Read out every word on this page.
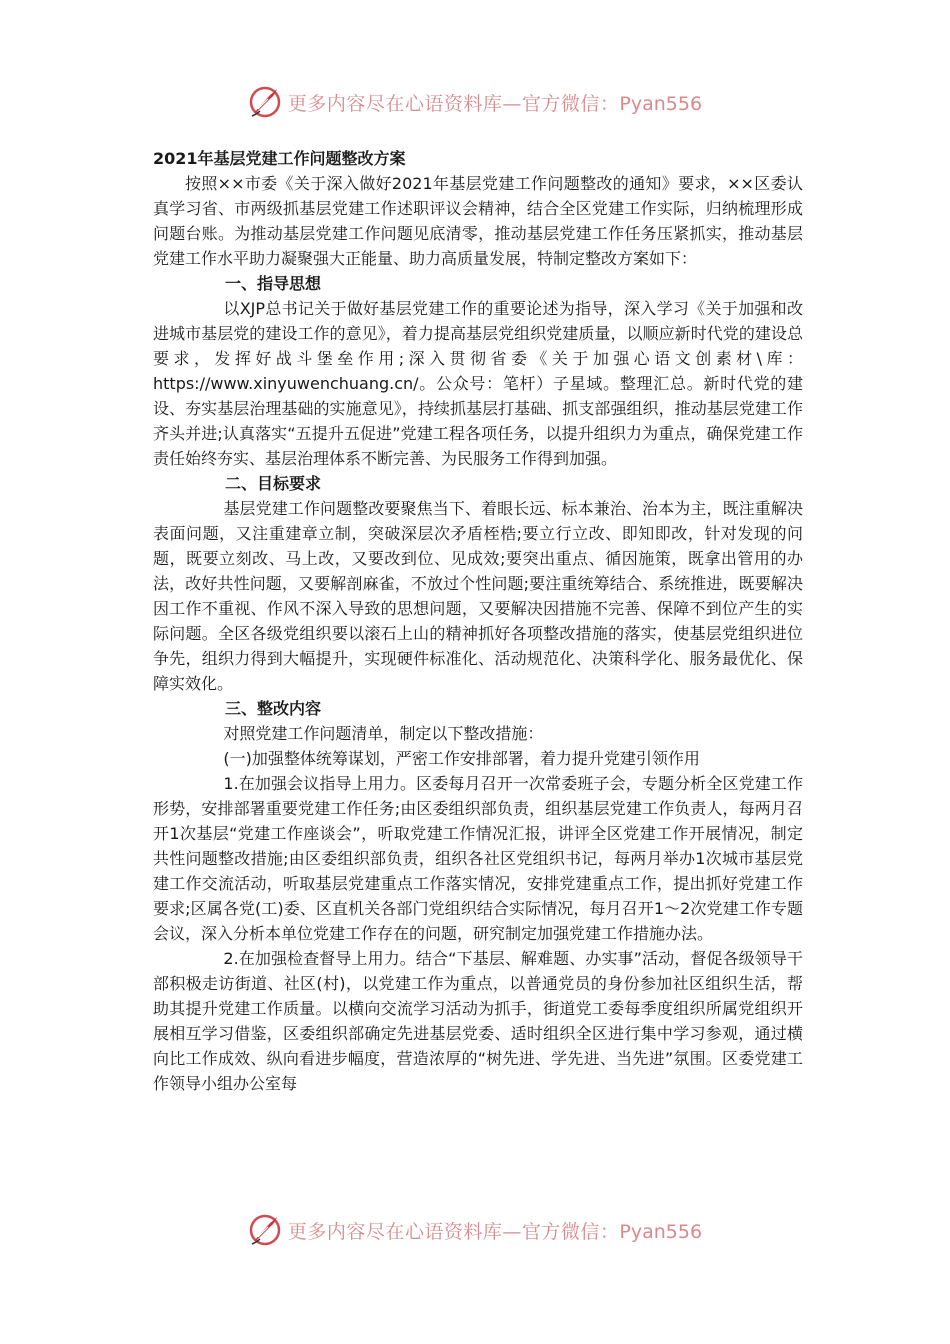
更多内容尽在心语资料库—官方微信：Pyan556

2021年基层党建工作问题整改方案

按照××市委《关于深入做好2021年基层党建工作问题整改的通知》要求，××区委认真学习省、市两级抓基层党建工作述职评议会精神，结合全区党建工作实际，归纳梳理形成问题台账。为推动基层党建工作问题见底清零，推动基层党建工作任务压紧抓实，推动基层党建工作水平助力凝聚强大正能量、助力高质量发展，特制定整改方案如下：

一、指导思想

以XJP总书记关于做好基层党建工作的重要论述为指导，深入学习《关于加强和改进城市基层党的建设工作的意见》，着力提高基层党组织党建质量，以顺应新时代党的建设总要求，发挥好战斗堡垒作用;深入贯彻省委《关于加强心语文创素材\库：https://www.xinyuwenchuang.cn/。公众号：笔杆）子星域。整理汇总。新时代党的建设、夯实基层治理基础的实施意见》，持续抓基层打基础、抓支部强组织，推动基层党建工作齐头并进;认真落实“五提升五促进”党建工程各项任务，以提升组织力为重点，确保党建工作责任始终夯实、基层治理体系不断完善、为民服务工作得到加强。

二、目标要求

基层党建工作问题整改要聚焦当下、着眼长远、标本兼治、治本为主，既注重解决表面问题，又注重建章立制，突破深层次矛盾桎梏;要立行立改、即知即改，针对发现的问题，既要立刻改、马上改，又要改到位、见成效;要突出重点、循因施策，既拿出管用的办法，改好共性问题，又要解剖麻雀，不放过个性问题;要注重统筹结合、系统推进，既要解决因工作不重视、作风不深入导致的思想问题，又要解决因措施不完善、保障不到位产生的实际问题。全区各级党组织要以滚石上山的精神抓好各项整改措施的落实，使基层党组织进位争先，组织力得到大幅提升，实现硬件标准化、活动规范化、决策科学化、服务最优化、保障实效化。

三、整改内容

对照党建工作问题清单，制定以下整改措施：

(一)加强整体统筹谋划，严密工作安排部署，着力提升党建引领作用

1.在加强会议指导上用力。区委每月召开一次常委班子会，专题分析全区党建工作形势，安排部署重要党建工作任务;由区委组织部负责，组织基层党建工作负责人，每两月召开1次基层“党建工作座谈会”，听取党建工作情况汇报，讲评全区党建工作开展情况，制定共性问题整改措施;由区委组织部负责，组织各社区党组织书记，每两月举办1次城市基层党建工作交流活动，听取基层党建重点工作落实情况，安排党建重点工作，提出抓好党建工作要求;区属各党(工)委、区直机关各部门党组织结合实际情况，每月召开1～2次党建工作专题会议，深入分析本单位党建工作存在的问题，研究制定加强党建工作措施办法。

2.在加强检查督导上用力。结合“下基层、解难题、办实事”活动，督促各级领导干部积极走访街道、社区(村)，以党建工作为重点，以普通党员的身份参加社区组织生活，帮助其提升党建工作质量。以横向交流学习活动为抓手，街道党工委每季度组织所属党组织开展相互学习借鉴，区委组织部确定先进基层党委、适时组织全区进行集中学习参观，通过横向比工作成效、纵向看进步幅度，营造浓厚的“树先进、学先进、当先进”氛围。区委党建工作领导小组办公室每

更多内容尽在心语资料库—官方微信：Pyan556
